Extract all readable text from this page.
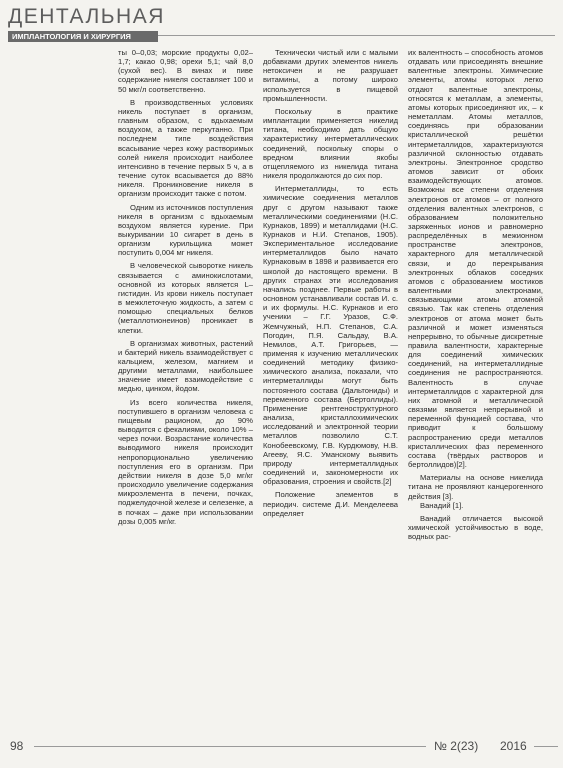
ДЕНТАЛЬНАЯ
ИМПЛАНТОЛОГИЯ И ХИРУРГИЯ

ты 0–0,03; морские продукты 0,02–1,7; какао 0,98; орехи 5,1; чай 8,0 (сухой вес). В винах и пиве содержание никеля составляет 100 и 50 мкг/л соответственно.

В производственных условиях никель поступает в организм, главным образом, с вдыхаемым воздухом, а также перкутанно. При последнем типе воздействия всасывание через кожу растворимых солей никеля происходит наиболее интенсивно в течение первых 5 ч, а в течение суток всасывается до 88% никеля. Проникновение никеля в организм происходит также с потом.

Одним из источников поступления никеля в организм с вдыхаемым воздухом является курение. При выкуривании 10 сигарет в день в организм курильщика может поступить 0,004 мг никеля.

В человеческой сыворотке никель связывается с аминокислотами, основной из которых является L–гистидин. Из крови никель поступает в межклеточную жидкость, а затем с помощью специальных белков (металлотионеинов) проникает в клетки.

В организмах животных, растений и бактерий никель взаимодействует с кальцием, железом, магнием и другими металлами, наибольшее значение имеет взаимодействие с медью, цинком, йодом.

Из всего количества никеля, поступившего в организм человека с пищевым рационом, до 90% выводится с фекалиями, около 10% – через почки. Возрастание количества выводимого никеля происходит непропорционально увеличению поступления его в организм. При действии никеля в дозе 5,0 мг/кг происходило увеличение содержания микроэлемента в печени, почках, поджелудочной железе и селезенке, а в почках – даже при использовании дозы 0,005 мг/кг.

Технически чистый или с малыми добавками других элементов никель нетоксичен и не разрушает витамины, а потому широко используется в пищевой промышленности.

Поскольку в практике имплантации применяется никелид титана, необходимо дать общую характеристику интерметаллических соединений, поскольку споры о вредном влиянии якобы отщепляемого из никелида титана никеля продолжаются до сих пор.

Интерметаллиды, то есть химические соединения металлов друг с другом называют также металлическими соединениями (Н.С. Курнаков, 1899) и металлидами (Н.С. Курнаков и Н.И. Степанов, 1905). Экспериментальное исследование интерметаллидов было начато Курнаковым в 1898 и развивается его школой до настоящего времени. В других странах эти исследования начались позднее. Первые работы в основном устанавливали состав И. с. и их формулы. Н.С. Курнаков и его ученики – Г.Г. Уразов, С.Ф. Жемчужный, Н.П. Степанов, С.А. Погодин, П.Я. Сальдау, В.А. Немилов, А.Т. Григорьев, — применяя к изучению металлических соединений методику физико-химического анализа, показали, что интерметаллиды могут быть постоянного состава (Дальтониды) и переменного состава (Бертоллиды). Применение рентгеноструктурного анализа, кристаллохимических исследований и электронной теории металлов позволило С.Т. Конобеевскому, Г.В. Курдюмову, Н.В. Агееву, Я.С. Уманскому выявить природу интерметаллидных соединений и, закономерности их образования, строения и свойств.[2]

Положение элементов в периодич. системе Д.И. Менделеева определяет

их валентность – способность атомов отдавать или присоединять внешние валентные электроны. Химические элементы, атомы которых легко отдают валентные электроны, относятся к металлам, а элементы, атомы которых присоединяют их, – к неметаллам. Атомы металлов, соединяясь при образовании кристаллической решётки интерметаллидов, характеризуются различной склонностью отдавать электроны. Электронное сродство атомов зависит от обоих взаимодействующих атомов. Возможны все степени отделения электронов от атомов – от полного отделения валентных электронов, с образованием положительно заряженных ионов и равномерно распределённых в межионном пространстве электронов, характерного для металлической связи, и до перекрывания электронных облаков соседних атомов с образованием мостиков валентными электронами, связывающими атомы атомной связью. Так как степень отделения электронов от атома может быть различной и может изменяться непрерывно, то обычные дискретные правила валентности, характерные для соединений химических соединений, на интерметаллидные соединения не распространяются. Валентность в случае интерметаллидов с характерной для них атомной и металлической связями является непрерывной и переменной функцией состава, что приводит к большому распространению среди металлов кристаллических фаз переменного состава (твёрдых растворов и бертоллидов)[2].

Материалы на основе никелида титана не проявляют канцерогенного действия [3].

Ванадий [1].

Ванадий отличается высокой химической устойчивостью в воде, водных рас-

98	№ 2(23) 2016
